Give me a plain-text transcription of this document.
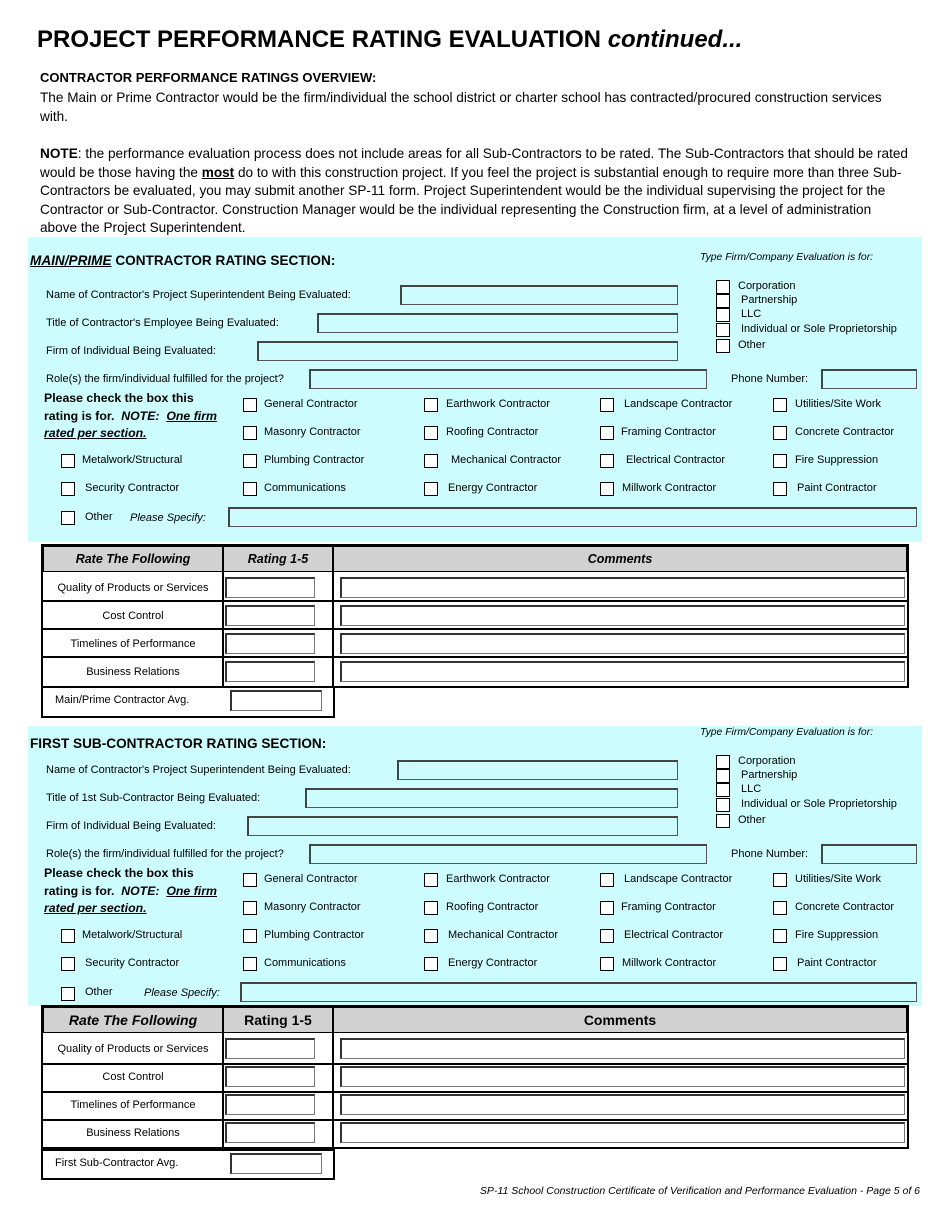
PROJECT PERFORMANCE RATING EVALUATION continued...
CONTRACTOR PERFORMANCE RATINGS OVERVIEW:
The Main or Prime Contractor would be the firm/individual the school district or charter school has contracted/procured construction services with.
NOTE: the performance evaluation process does not include areas for all Sub-Contractors to be rated. The Sub-Contractors that should be rated would be those having the most do to with this construction project. If you feel the project is substantial enough to require more than three Sub-Contractors be evaluated, you may submit another SP-11 form. Project Superintendent would be the individual supervising the project for the Contractor or Sub-Contractor. Construction Manager would be the individual representing the Construction firm, at a level of administration above the Project Superintendent.
MAIN/PRIME CONTRACTOR RATING SECTION:	Type Firm/Company Evaluation is for:
Corporation
Partnership
LLC
Individual or Sole Proprietorship
Other
Name of Contractor's Project Superintendent Being Evaluated:
Title of Contractor's Employee Being Evaluated:
Firm of Individual Being Evaluated:
Role(s) the firm/individual fulfilled for the project?	Phone Number:
Please check the box this
rating is for. NOTE: One firm
rated per section.
General Contractor	Earthwork Contractor	Landscape Contractor	Utilities/Site Work
Masonry Contractor	Roofing Contractor	Framing Contractor	Concrete Contractor
Metalwork/Structural	Plumbing Contractor	Mechanical Contractor	Electrical Contractor	Fire Suppression
Security Contractor	Communications	Energy Contractor	Millwork Contractor	Paint Contractor
Other Please Specify:
Rate The Following	Rating 1-5	Comments
Quality of Products or Services
Cost Control
Timelines of Performance
Business Relations
Main/Prime Contractor Avg.
FIRST SUB-CONTRACTOR RATING SECTION:
Type Firm/Company Evaluation is for:
Corporation
Partnership
LLC
Individual or Sole Proprietorship
Other
Name of Contractor's Project Superintendent Being Evaluated:
Title of 1st Sub-Contractor Being Evaluated:
Firm of Individual Being Evaluated:
Role(s) the firm/individual fulfilled for the project?	Phone Number:
Please check the box this
rating is for. NOTE: One firm
rated per section.
General Contractor	Earthwork Contractor	Landscape Contractor	Utilities/Site Work
Masonry Contractor	Roofing Contractor	Framing Contractor	Concrete Contractor
Metalwork/Structural	Plumbing Contractor	Mechanical Contractor	Electrical Contractor	Fire Suppression
Security Contractor	Communications	Energy Contractor	Millwork Contractor	Paint Contractor
Other	Please Specify:
Rate The Following	Rating 1-5	Comments
Quality of Products or Services
Cost Control
Timelines of Performance
Business Relations
First Sub-Contractor Avg.
SP-11 School Construction Certificate of Verification and Performance Evaluation - Page 5 of 6
